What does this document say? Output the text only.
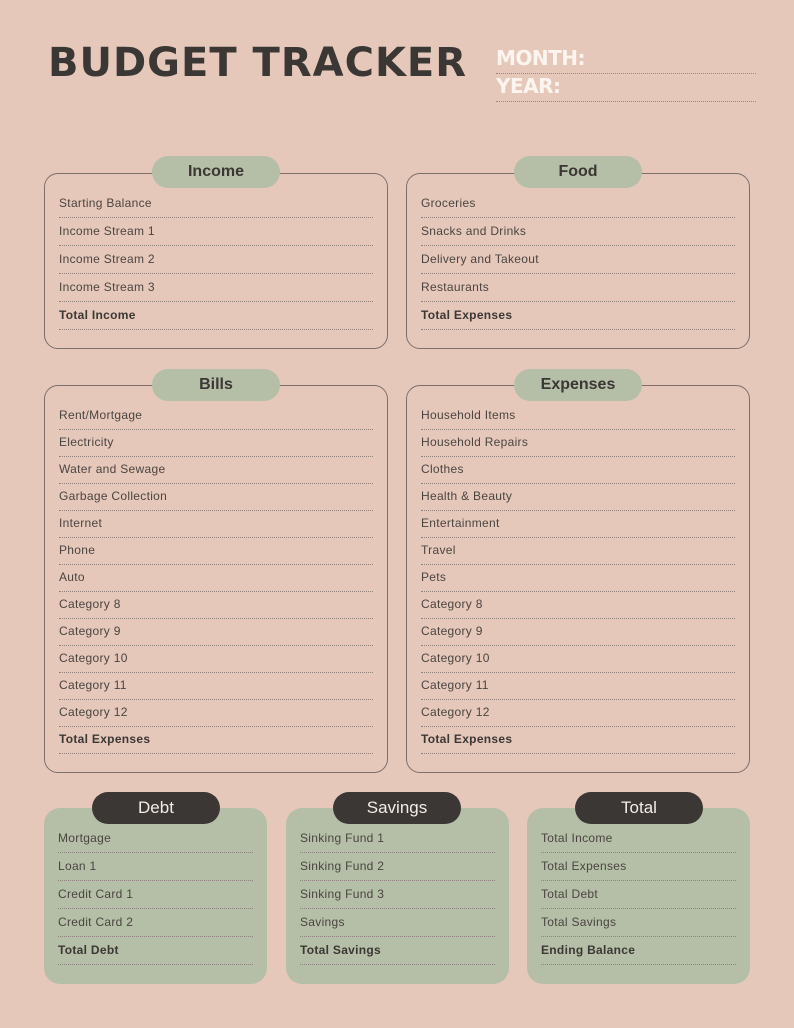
BUDGET TRACKER MONTH:
YEAR:
Starting Balance
Income Stream 1
Income Stream 2
Income Stream 3
Total Income
Income
Groceries
Snacks and Drinks
Delivery and Takeout
Restaurants
Total Expenses
Food
Rent/Mortgage
Electricity
Water and Sewage
Garbage Collection
Internet
Phone
Auto
Category 8
Category 9
Category 10
Category 11
Category 12
Total Expenses
Bills
Household Items
Household Repairs
Clothes
Health & Beauty
Entertainment
Travel
Pets
Category 8
Category 9
Category 10
Category 11
Category 12
Total Expenses
Expenses
Mortgage
Loan 1
Credit Card 1
Credit Card 2
Total Debt
Debt
Sinking Fund 1
Sinking Fund 2
Sinking Fund 3
Savings
Total Savings
Savings
Total Income
Total Expenses
Total Debt
Total Savings
Ending Balance
Total
